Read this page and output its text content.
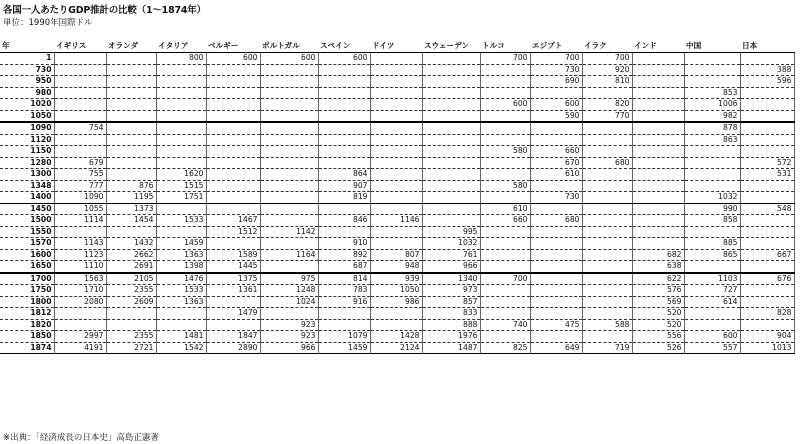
各国一人あたりGDP推計の比較（1～1874年）
単位：1990年国際ドル
年	イギリス	オランダ	イタリア	ベルギー	ポルトガル	スペイン	ドイツ	スウェーデン	トルコ	エジプト	イラク	インド	中国	日本
1			800	600	600	600			700	700	700			
730										730	920			388
950										690	810			596
980													853	
1020									600	600	820		1006	
1050										590	770		982	
1090	754												878	
1120													863	
1150									580	660				
1280	679									670	680			572
1300	755		1620			864				610				531
1348	777	876	1515			907			580					
1400	1090	1195	1751			819				730			1032	
1450	1055	1373							610				990	548
1500	1114	1454	1533	1467		846	1146		660	680			858	
1550				1512	1142			995						
1570	1143	1432	1459			910		1032					885	
1600	1123	2662	1363	1589	1164	892	807	761				682	865	667
1650	1110	2691	1398	1445		687	948	966				638		
1700	1563	2105	1476	1375	975	814	939	1340	700			622	1103	676
1750	1710	2355	1533	1361	1248	783	1050	973				576	727	
1800	2080	2609	1363		1024	916	986	857				569	614	
1812				1479				833				520		828
1820					923			888	740	475	588	520		
1850	2997	2355	1481	1847	923	1079	1428	1976				556	600	904
1874	4191	2721	1542	2890	966	1459	2124	1487	825	649	719	526	557	1013
※出典：「経済成長の日本史」高島正憲著
